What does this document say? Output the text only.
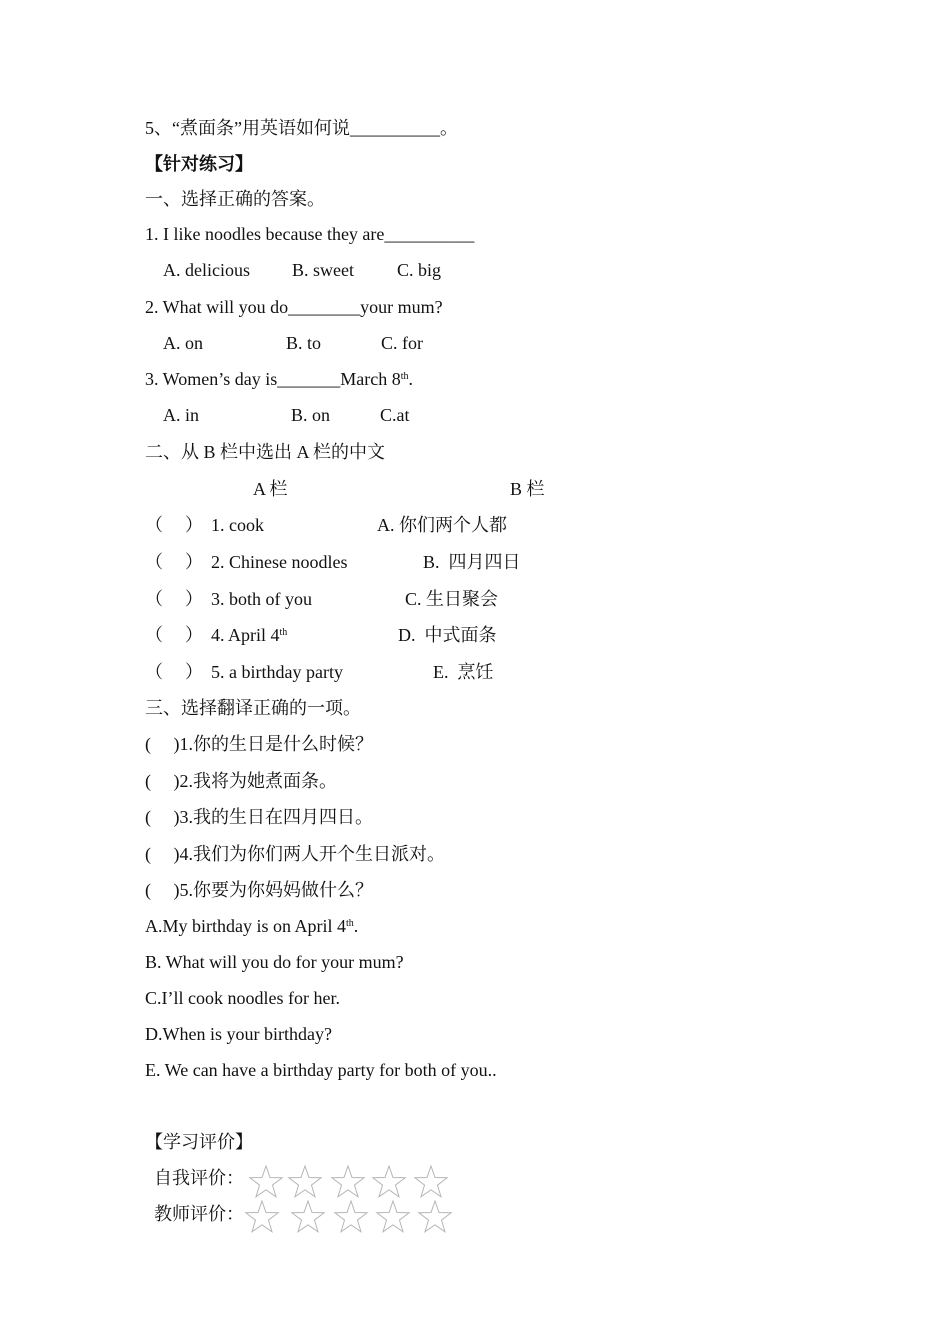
5、“煮面条”用英语如何说__________。
【针对练习】
一、选择正确的答案。
1. I like noodles because they are__________
A. delicious B. sweet C. big
2. What will you do________your mum?
A. on	B. to	C. for
3. Women’s day is_______March 8th.
A. in	B. on	C.at
二、从 B 栏中选出 A 栏的中文
A 栏	B 栏
（ ） 1. cook	A. 你们两个人都
（ ） 2. Chinese noodles	B.  四月四日
（ ） 3. both of you	C. 生日聚会
（ ） 4. April 4th	D.  中式面条
（ ） 5. a birthday party	E.  烹饪
三、选择翻译正确的一项。
(     )1.你的生日是什么时候？
(     )2.我将为她煮面条。
(     )3.我的生日在四月四日。
(     )4.我们为你们两人开个生日派对。
(     )5.你要为你妈妈做什么？
A.My birthday is on April 4th.
B. What will you do for your mum?
C.I’ll cook noodles for her.
D.When is your birthday?
E. We can have a birthday party for both of you..
【学习评价】
自我评价：
教师评价：
